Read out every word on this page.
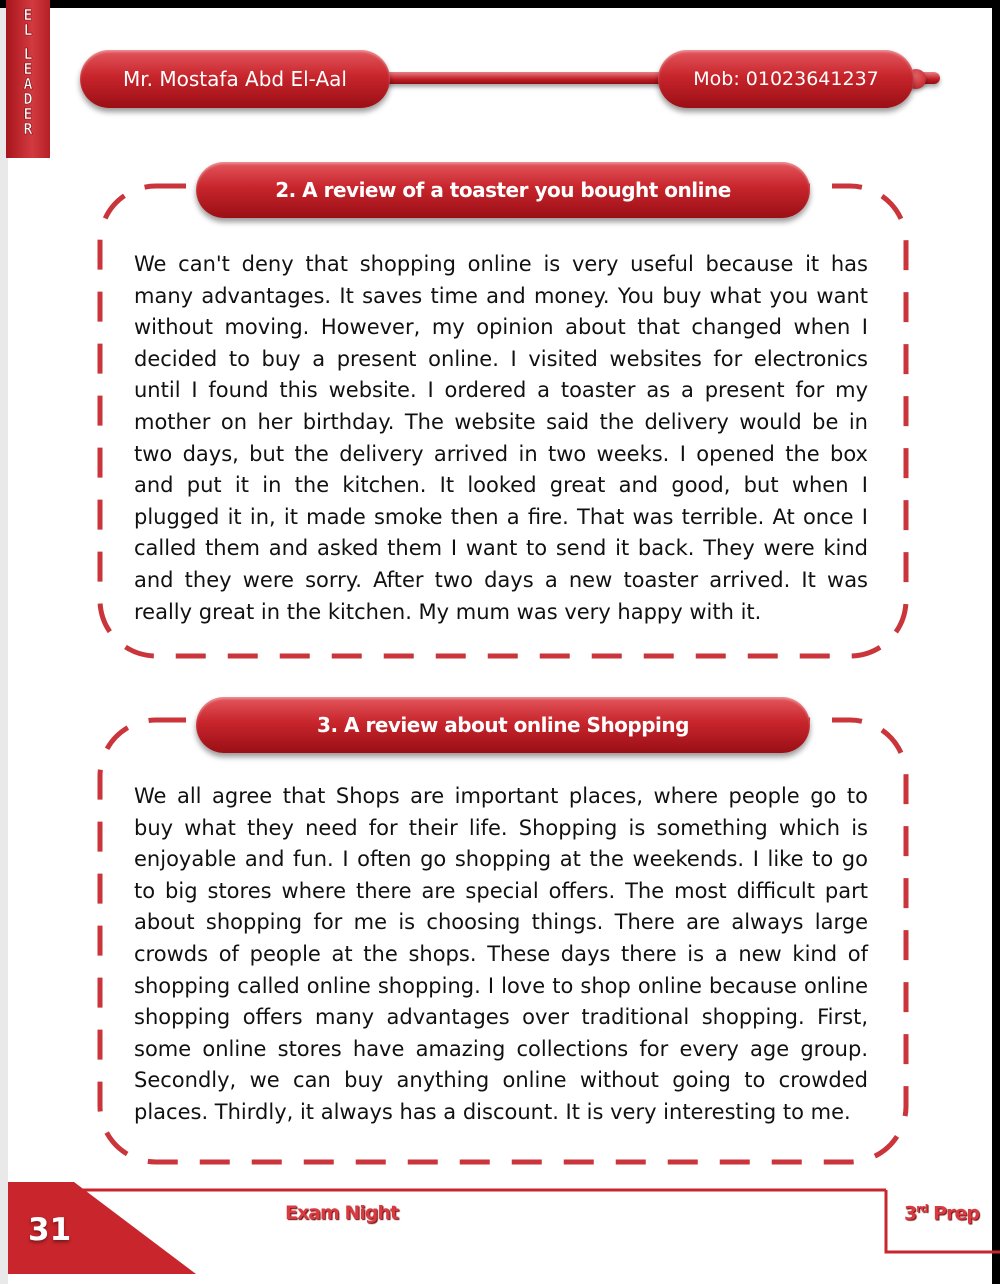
E
L
L
E
A
D
E
R
Mr. Mostafa Abd El-Aal	Mob: 01023641237
2. A review of a toaster you bought online

We can't deny that shopping online is very useful because it has many advantages. It saves time and money. You buy what you want without moving. However, my opinion about that changed when I decided to buy a present online. I visited websites for electronics until I found this website. I ordered a toaster as a present for my mother on her birthday. The website said the delivery would be in two days, but the delivery arrived in two weeks. I opened the box and put it in the kitchen. It looked great and good, but when I plugged it in, it made smoke then a fire. That was terrible. At once I called them and asked them I want to send it back. They were kind and they were sorry. After two days a new toaster arrived. It was really great in the kitchen. My mum was very happy with it.

3. A review about online Shopping

We all agree that Shops are important places, where people go to buy what they need for their life. Shopping is something which is enjoyable and fun. I often go shopping at the weekends. I like to go to big stores where there are special offers. The most difficult part about shopping for me is choosing things. There are always large crowds of people at the shops. These days there is a new kind of shopping called online shopping. I love to shop online because online shopping offers many advantages over traditional shopping. First, some online stores have amazing collections for every age group. Secondly, we can buy anything online without going to crowded places. Thirdly, it always has a discount. It is very interesting to me.

31	Exam Night	3rd Prep
